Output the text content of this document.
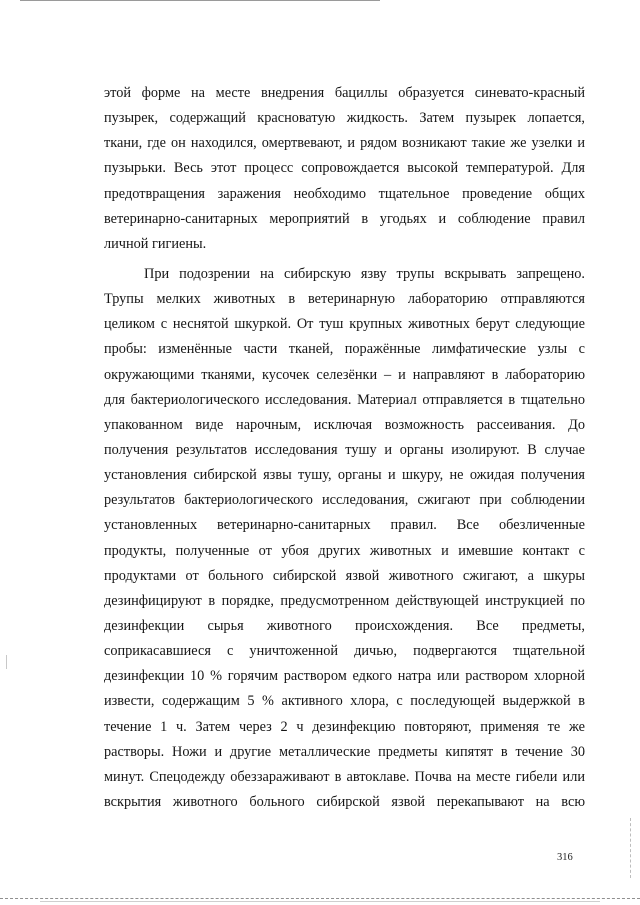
этой форме на месте внедрения бациллы образуется синевато-красный
пузырек, содержащий красноватую жидкость. Затем пузырек лопается,
ткани, где он находился, омертвевают, и рядом возникают такие же узелки и
пузырьки. Весь этот процесс сопровождается высокой температурой. Для
предотвращения заражения необходимо тщательное проведение общих
ветеринарно-санитарных мероприятий в угодьях и соблюдение правил
личной гигиены.
При подозрении на сибирскую язву трупы вскрывать запрещено.
Трупы мелких животных в ветеринарную лабораторию отправляются
целиком с неснятой шкуркой. От туш крупных животных берут следующие
пробы: изменённые части тканей, поражённые лимфатические узлы с
окружающими тканями, кусочек селезёнки – и направляют в лабораторию
для бактериологического исследования. Материал отправляется в тщательно
упакованном виде нарочным, исключая возможность рассеивания. До
получения результатов исследования тушу и органы изолируют. В случае
установления сибирской язвы тушу, органы и шкуру, не ожидая получения
результатов бактериологического исследования, сжигают при соблюдении
установленных ветеринарно-санитарных правил. Все обезличенные
продукты, полученные от убоя других животных и имевшие контакт с
продуктами от больного сибирской язвой животного сжигают, а шкуры
дезинфицируют в порядке, предусмотренном действующей инструкцией по
дезинфекции сырья животного происхождения. Все предметы,
соприкасавшиеся с уничтоженной дичью, подвергаются тщательной
дезинфекции 10 % горячим раствором едкого натра или раствором хлорной
извести, содержащим 5 % активного хлора, с последующей выдержкой в
течение 1 ч. Затем через 2 ч дезинфекцию повторяют, применяя те же
растворы. Ножи и другие металлические предметы кипятят в течение 30
минут. Спецодежду обеззараживают в автоклаве. Почва на месте гибели или
вскрытия животного больного сибирской язвой перекапывают на всю
316
